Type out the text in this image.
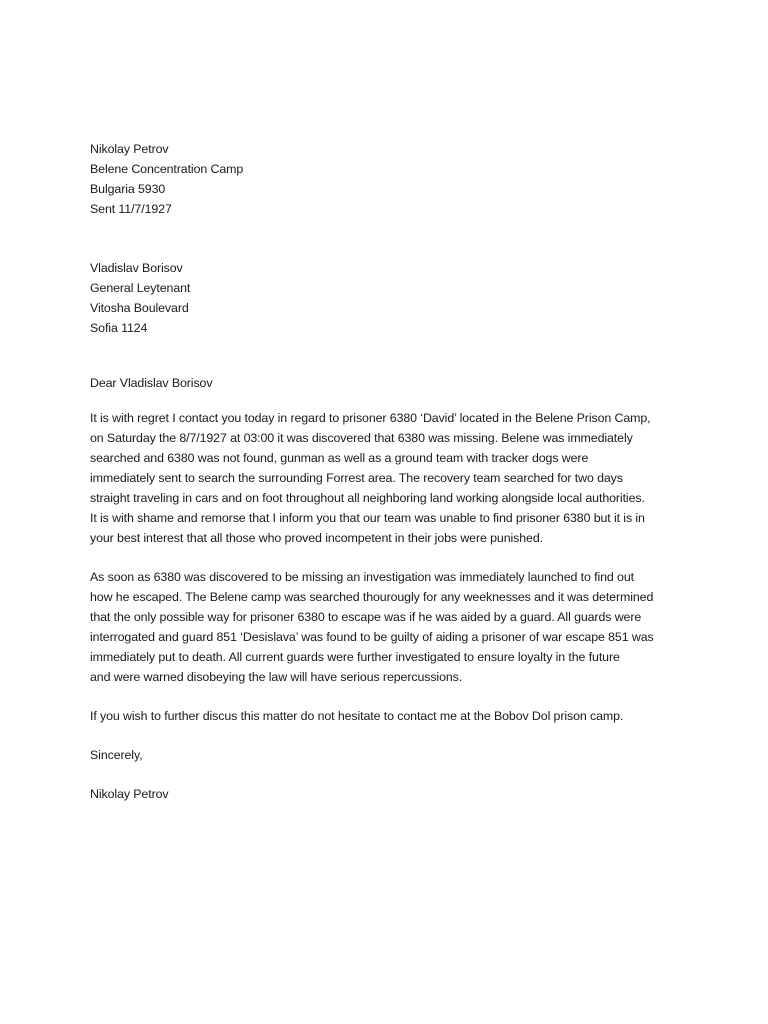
Nikolay Petrov
Belene Concentration Camp
Bulgaria 5930
Sent 11/7/1927
Vladislav Borisov
General Leytenant
Vitosha Boulevard
Sofia 1124
Dear Vladislav Borisov
It is with regret I contact you today in regard to prisoner 6380 ‘David’ located in the Belene Prison Camp,
on Saturday the 8/7/1927 at 03:00 it was discovered that 6380 was missing. Belene was immediately
searched and 6380 was not found, gunman as well as a ground team with tracker dogs were
immediately sent to search the surrounding Forrest area. The recovery team searched for two days
straight traveling in cars and on foot throughout all neighboring land working alongside local authorities.
It is with shame and remorse that I inform you that our team was unable to find prisoner 6380 but it is in
your best interest that all those who proved incompetent in their jobs were punished.
As soon as 6380 was discovered to be missing an investigation was immediately launched to find out
how he escaped. The Belene camp was searched thourougly for any weeknesses and it was determined
that the only possible way for prisoner 6380 to escape was if he was aided by a guard. All guards were
interrogated and guard 851 ‘Desislava’ was found to be guilty of aiding a prisoner of war escape 851 was
immediately put to death. All current guards were further investigated to ensure loyalty in the future
and were warned disobeying the law will have serious repercussions.
If you wish to further discus this matter do not hesitate to contact me at the Bobov Dol prison camp.
Sincerely,
Nikolay Petrov
